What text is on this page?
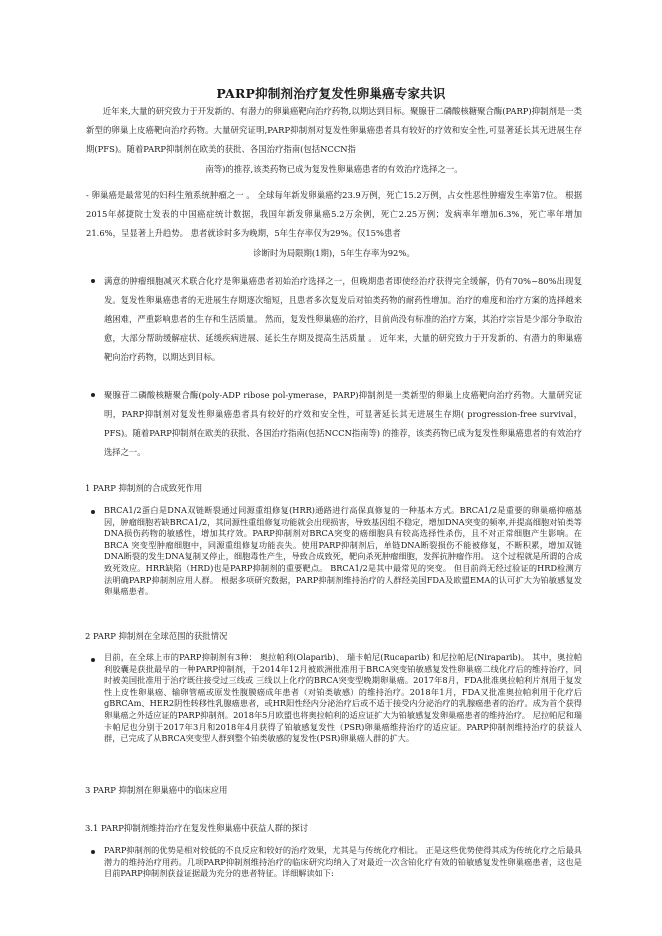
PARP抑制剂治疗复发性卵巢癌专家共识

近年来,大量的研究致力于开发新的、有潜力的卵巢癌靶向治疗药物,以期达到目标。聚腺苷二磷酸核糖聚合酶(PARP)抑制剂是一类新型的卵巢上皮癌靶向治疗药物。大量研究证明,PARP抑制剂对复发性卵巢癌患者具有较好的疗效和安全性,可显著延长其无进展生存期(PFS)。随着PARP抑制剂在欧美的获批、各国治疗指南(包括NCCN指

南等)的推荐,该类药物已成为复发性卵巢癌患者的有效治疗选择之一。

- 卵巢癌是最常见的妇科生殖系统肿瘤之一 。 全球每年新发卵巢癌约23.9万例，死亡15.2万例，占女性恶性肿瘤发生率第7位。 根据2015年郝捷院士发表的中国癌症统计数据，我国年新发卵巢癌5.2万余例，死亡2.25万例；发病率年增加6.3%，死亡率年增加21.6%，呈显著上升趋势。 患者就诊时多为晚期，5年生存率仅为29%。仅15%患者

诊断时为局限期(1期)，5年生存率为92%。

满意的肿瘤细胞减灭术联合化疗是卵巢癌患者初始治疗选择之一，但晚期患者即使经治疗获得完全缓解，仍有70%~80%出现复发。复发性卵巢癌患者的无进展生存期逐次缩短，且患者多次复发后对铂类药物的耐药性增加。治疗的难度和治疗方案的选择越来越困难，严重影响患者的生存和生活质量。 然而，复发性卵巢癌的治疗，目前尚没有标准的治疗方案，其治疗宗旨是少部分争取治愈，大部分帮助缓解症状、延缓疾病进展、延长生存期及提高生活质量 。 近年来，大量的研究致力于开发新的、有潜力的卵巢癌靶向治疗药物，以期达到目标。

聚腺苷二磷酸核糖聚合酶(poly-ADP ribose pol-ymerase，PARP)抑制剂是一类新型的卵巢上皮癌靶向治疗药物。大量研究证明，PARP抑制剂对复发性卵巢癌患者具有较好的疗效和安全性，可显著延长其无进展生存期( progression-free survival， PFS)。随着PARP抑制剂在欧美的获批、各国治疗指南(包括NCCN指南等) 的推荐，该类药物已成为复发性卵巢癌患者的有效治疗选择之一。

1 PARP 抑制剂的合成致死作用

BRCA1/2蛋白是DNA双链断裂通过同源重组修复(HRR)通路进行高保真修复的一种基本方式。BRCA1/2是重要的卵巢癌抑癌基因，肿瘤细胞若缺BRCA1/2，其同源性重组修复功能就会出现损害，导致基因组不稳定，增加DNA突变的频率,并提高细胞对铂类等DNA损伤药物的敏感性，增加其疗效。PARP抑制剂对BRCA突变的癌细胞具有较高选择性杀伤，且不对正常细胞产生影响。在BRCA 突变型肿瘤细胞中，同源重组修复功能丧失。使用PARP抑制剂后，单链DNA断裂损伤不能被修复，不断积累，增加双链DNA断裂的发生DNA复制叉停止，细胞毒性产生，导致合成致死，靶向杀死肿瘤细胞，发挥抗肿瘤作用。 这个过程就是所谓的合成致死效应。HRR缺陷（HRD)也是PARP抑制剂的重要靶点。 BRCA1/2是其中最常见的突变。 但目前尚无经过验证的HRD检测方法明确PARP抑制剂应用人群。 根据多项研究数据，PARP抑制剂维持治疗的人群经美国FDA及欧盟EMA的认可扩大为铂敏感复发卵巢癌患者。

2 PARP 抑制剂在全球范围的获批情况

目前，在全球上市的PARP抑制剂有3种： 奥拉帕利(Olaparib)、 瑞卡帕尼(Rucaparib) 和尼拉帕尼(Niraparib)。 其中，奥拉帕利胶囊是获批最早的一种PARP抑制剂，于2014年12月被欧洲批准用于BRCA突变铂敏感复发性卵巢癌二线化疗后的维持治疗，同时被美国批准用于治疗既往接受过三线或 三线以上化疗的BRCA突变型晚期卵巢癌。2017年8月，FDA批准奥拉帕利片剂用于复发性上皮性卵巢癌、输卵管癌或原发性腹膜癌成年患者（对铂类敏感）的维持治疗。2018年1月，FDA又批准奥拉帕利用于化疗后gBRCAm、HER2阴性转移性乳腺癌患者，或HR阳性经内分泌治疗后或不适于接受内分泌治疗的乳腺癌患者的治疗。成为首个获得卵巢癌之外适应证的PARP抑制剂。2018年5月欧盟也将奥拉帕利的适应证扩大为铂敏感复发卵巢癌患者的维持治疗。 尼拉帕尼和瑞卡帕尼也分别于2017年3月和2018年4月获得了铂敏感复发性（PSR)卵巢癌维持治疗的适应证。PARP抑制剂维持治疗的获益人群，已完成了从BRCA突变型人群到整个铂类敏感的复发性(PSR)卵巢癌人群的扩大。

3 PARP 抑制剂在卵巢癌中的临床应用

3.1 PARP抑制剂维持治疗在复发性卵巢癌中获益人群的探讨

PARP抑制剂的优势是相对较低的不良反应和较好的治疗效果，尤其是与传统化疗相比。 正是这些优势使得其成为传统化疗之后最具潜力的维持治疗用药。几项PARP抑制剂维持治疗的临床研究均纳入了对最近一次含铂化疗有效的铂敏感复发性卵巢癌患者，这也是目前PARP抑制剂获益证据最为充分的患者特征。详细解读如下:
